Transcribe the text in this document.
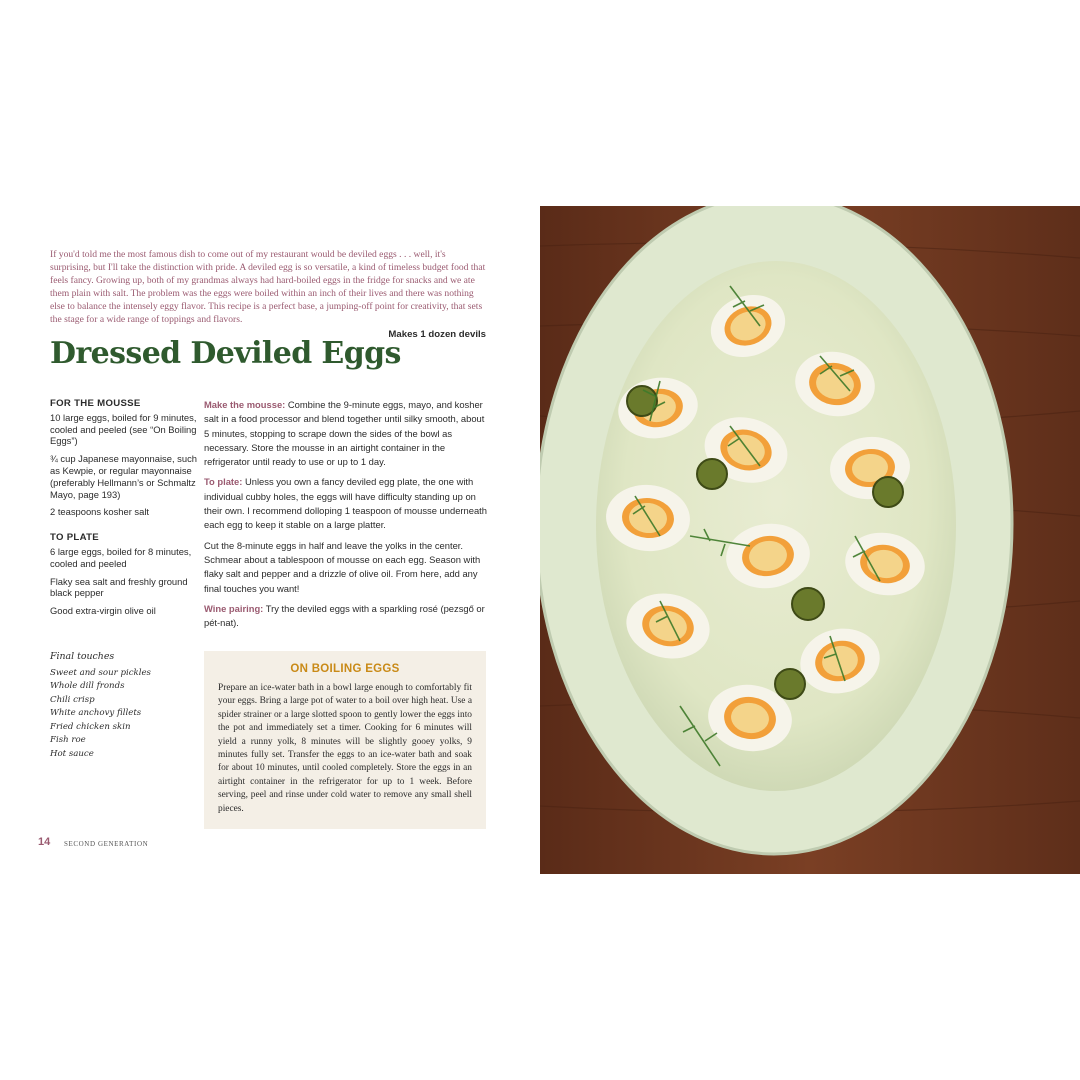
If you'd told me the most famous dish to come out of my restaurant would be deviled eggs . . . well, it's surprising, but I'll take the distinction with pride. A deviled egg is so versatile, a kind of timeless budget food that feels fancy. Growing up, both of my grandmas always had hard-boiled eggs in the fridge for snacks and we ate them plain with salt. The problem was the eggs were boiled within an inch of their lives and there was nothing else to balance the intensely eggy flavor. This recipe is a perfect base, a jumping-off point for creativity, that sets the stage for a wide range of toppings and flavors.

Makes 1 dozen devils
Dressed Deviled Eggs
FOR THE MOUSSE

10 large eggs, boiled for 9 minutes, cooled and peeled (see “On Boiling Eggs”)

¾ cup Japanese mayonnaise, such as Kewpie, or regular mayonnaise (preferably Hellmann’s or Schmaltz Mayo, page 193)

2 teaspoons kosher salt

TO PLATE

6 large eggs, boiled for 8 minutes, cooled and peeled

Flaky sea salt and freshly ground black pepper

Good extra-virgin olive oil

Final touches
Sweet and sour pickles
Whole dill fronds
Chili crisp
White anchovy fillets
Fried chicken skin
Fish roe
Hot sauce

Make the mousse: Combine the 9-minute eggs, mayo, and kosher salt in a food processor and blend together until silky smooth, about 5 minutes, stopping to scrape down the sides of the bowl as necessary. Store the mousse in an airtight container in the refrigerator until ready to use or up to 1 day.

To plate: Unless you own a fancy deviled egg plate, the one with individual cubby holes, the eggs will have difficulty standing up on their own. I recommend dolloping 1 teaspoon of mousse underneath each egg to keep it stable on a large platter.

Cut the 8-minute eggs in half and leave the yolks in the center. Schmear about a tablespoon of mousse on each egg. Season with flaky salt and pepper and a drizzle of olive oil. From here, add any final touches you want!

Wine pairing: Try the deviled eggs with a sparkling rosé (pezsgő or pét-nat).

ON BOILING EGGS

Prepare an ice-water bath in a bowl large enough to comfortably fit your eggs. Bring a large pot of water to a boil over high heat. Use a spider strainer or a large slotted spoon to gently lower the eggs into the pot and immediately set a timer. Cooking for 6 minutes will yield a runny yolk, 8 minutes will be slightly gooey yolks, 9 minutes fully set. Transfer the eggs to an ice-water bath and soak for about 10 minutes, until cooled completely. Store the eggs in an airtight container in the refrigerator for up to 1 week. Before serving, peel and rinse under cold water to remove any small shell pieces.

14 SECOND GENERATION
